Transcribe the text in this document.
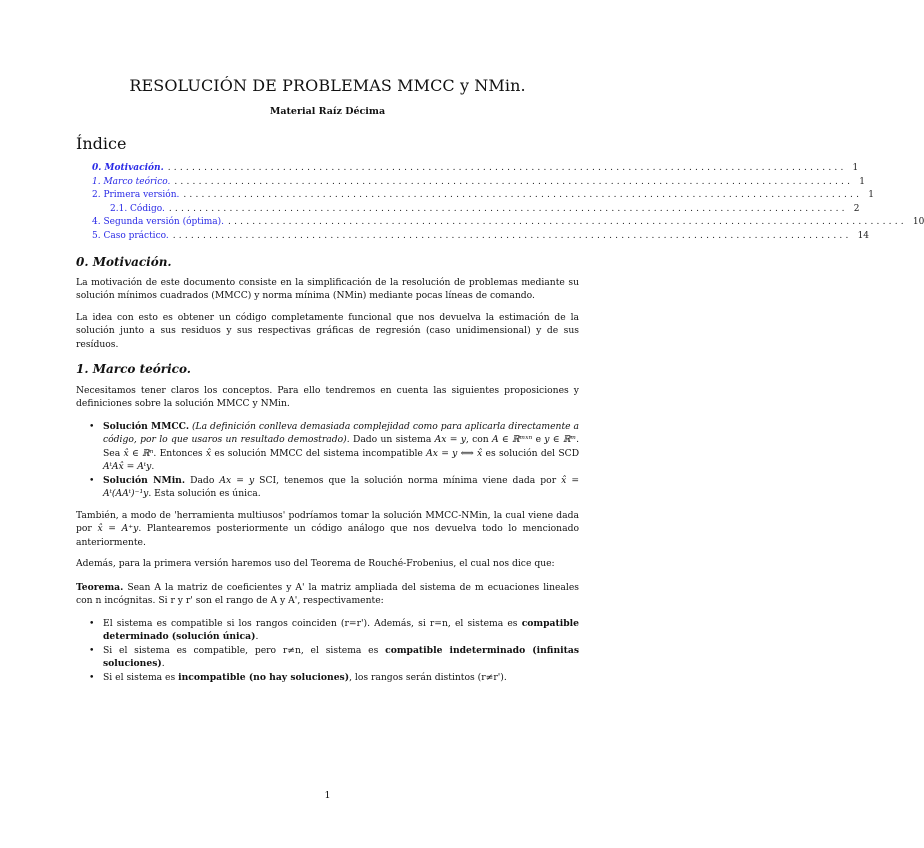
RESOLUCIÓN DE PROBLEMAS MMCC y NMin.
Material Raíz Décima
Índice
0. Motivación. ................................................................................................................ 1
1. Marco teórico. ................................................................................................................ 1
2. Primera versión. ................................................................................................................ 1
2.1. Código. ................................................................................................................ 2
4. Segunda versión (óptima). ................................................................................................................ 10
5. Caso práctico. ................................................................................................................ 14
0. Motivación.
La motivación de este documento consiste en la simplificación de la resolución de problemas mediante su solución mínimos cuadrados (MMCC) y norma mínima (NMin) mediante pocas líneas de comando.
La idea con esto es obtener un código completamente funcional que nos devuelva la estimación de la solución junto a sus residuos y sus respectivas gráficas de regresión (caso unidimensional) y de sus resíduos.
1. Marco teórico.
Necesitamos tener claros los conceptos. Para ello tendremos en cuenta las siguientes proposiciones y definiciones sobre la solución MMCC y NMin.
• Solución MMCC. (La definición conlleva demasiada complejidad como para aplicarla directamente a código, por lo que usaros un resultado demostrado). Dado un sistema Ax = y, con A ∈ ℝᵐˣⁿ e y ∈ ℝᵐ. Sea x̂ ∈ ℝⁿ. Entonces x̂ es solución MMCC del sistema incompatible Ax = y ⟺ x̂ es solución del SCD AᵗAx̂ = Aᵗy.
• Solución NMin. Dado Ax = y SCI, tenemos que la solución norma mínima viene dada por x̂ = Aᵗ(AAᵗ)⁻¹y. Esta solución es única.
También, a modo de 'herramienta multiusos' podríamos tomar la solución MMCC-NMin, la cual viene dada por x̂ = A⁺y. Plantearemos posteriormente un código análogo que nos devuelva todo lo mencionado anteriormente.
Además, para la primera versión haremos uso del Teorema de Rouché-Frobenius, el cual nos dice que:
Teorema. Sean A la matriz de coeficientes y A' la matriz ampliada del sistema de m ecuaciones lineales con n incógnitas. Si r y r' son el rango de A y A', respectivamente:
• El sistema es compatible si los rangos coinciden (r=r'). Además, si r=n, el sistema es compatible determinado (solución única).
• Si el sistema es compatible, pero r≠n, el sistema es compatible indeterminado (infinitas soluciones).
• Si el sistema es incompatible (no hay soluciones), los rangos serán distintos (r≠r').
1
